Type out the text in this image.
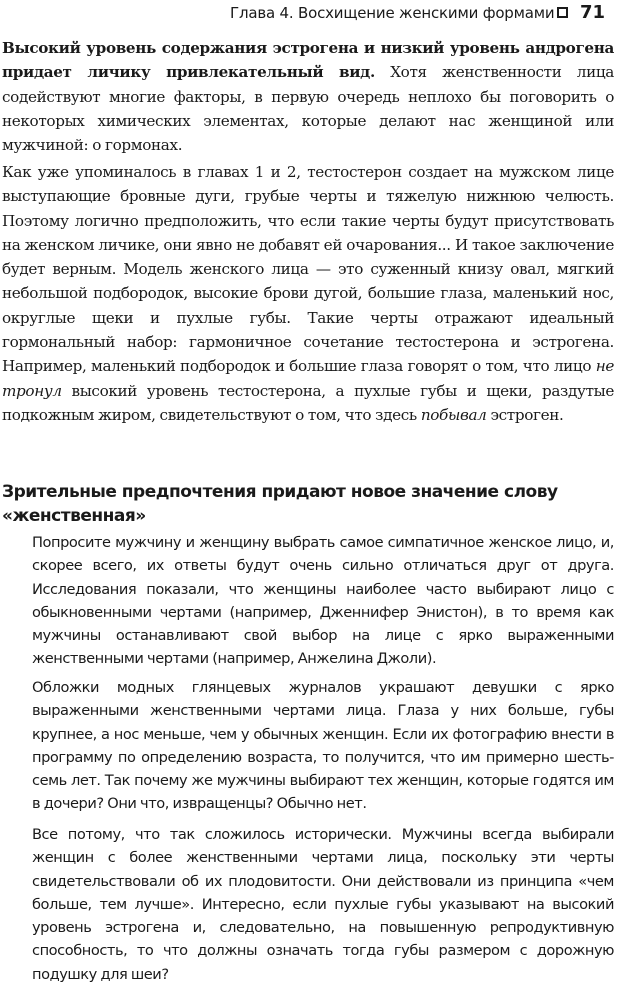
Глава 4. Восхищение женскими формами 71

Высокий уровень содержания эстрогена и низкий уровень андрогена придает личику привлекательный вид. Хотя женственности лица содействуют многие факторы, в первую очередь неплохо бы поговорить о некоторых химических элементах, которые делают нас женщиной или мужчиной: о гормонах.

Как уже упоминалось в главах 1 и 2, тестостерон создает на мужском лице выступающие бровные дуги, грубые черты и тяжелую нижнюю челюсть. Поэтому логично предположить, что если такие черты будут присутствовать на женском личике, они явно не добавят ей очарования... И такое заключение будет верным. Модель женского лица — это суженный книзу овал, мягкий небольшой подбородок, высокие брови дугой, большие глаза, маленький нос, округлые щеки и пухлые губы. Такие черты отражают идеальный гормональный набор: гармоничное сочетание тестостерона и эстрогена. Например, маленький подбородок и большие глаза говорят о том, что лицо не тронул высокий уровень тестостерона, а пухлые губы и щеки, раздутые подкожным жиром, свидетельствуют о том, что здесь побывал эстроген.

Зрительные предпочтения придают новое значение слову «женственная»

Попросите мужчину и женщину выбрать самое симпатичное женское лицо, и, скорее всего, их ответы будут очень сильно отличаться друг от друга. Исследования показали, что женщины наиболее часто выбирают лицо с обыкновенными чертами (например, Дженнифер Энистон), в то время как мужчины останавливают свой выбор на лице с ярко выраженными женственными чертами (например, Анжелина Джоли).

Обложки модных глянцевых журналов украшают девушки с ярко выраженными женственными чертами лица. Глаза у них больше, губы крупнее, а нос меньше, чем у обычных женщин. Если их фотографию внести в программу по определению возраста, то получится, что им примерно шесть-семь лет. Так почему же мужчины выбирают тех женщин, которые годятся им в дочери? Они что, извращенцы? Обычно нет.

Все потому, что так сложилось исторически. Мужчины всегда выбирали женщин с более женственными чертами лица, поскольку эти черты свидетельствовали об их плодовитости. Они действовали из принципа «чем больше, тем лучше». Интересно, если пухлые губы указывают на высокий уровень эстрогена и, следовательно, на повышенную репродуктивную способность, то что должны означать тогда губы размером с дорожную подушку для шеи?
